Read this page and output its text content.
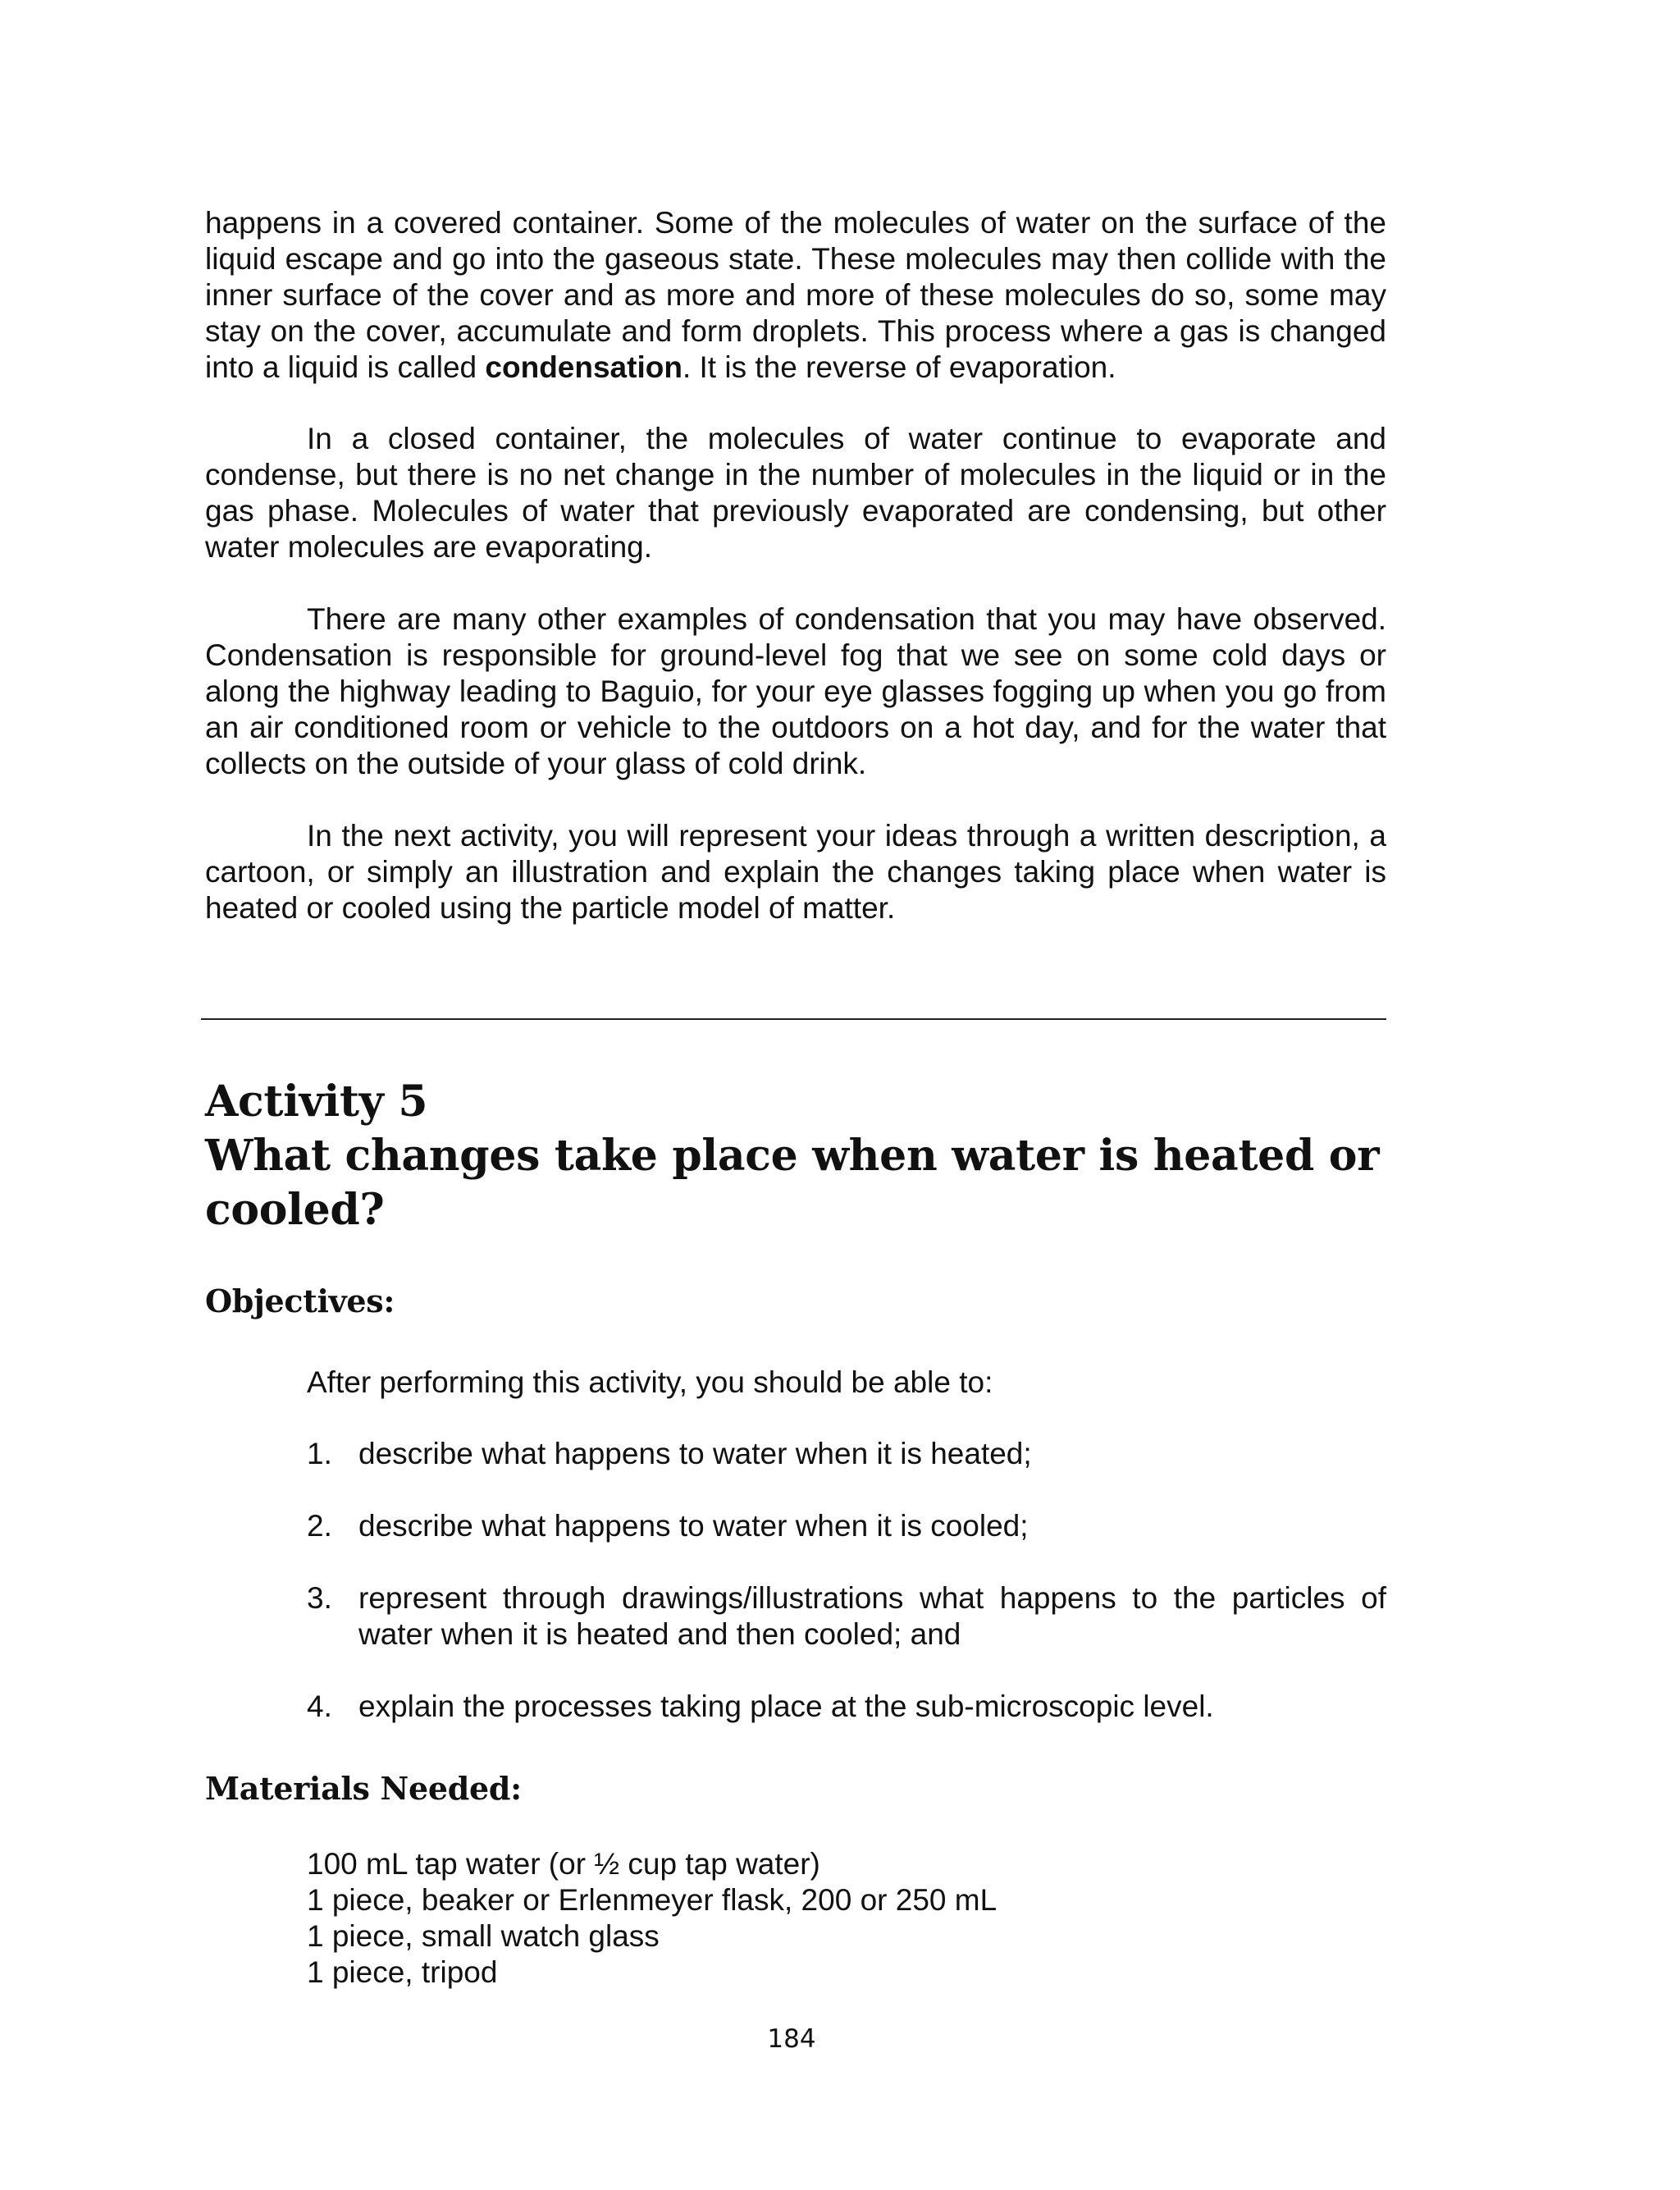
happens in a covered container. Some of the molecules of water on the surface of the liquid escape and go into the gaseous state. These molecules may then collide with the inner surface of the cover and as more and more of these molecules do so, some may stay on the cover, accumulate and form droplets. This process where a gas is changed into a liquid is called condensation. It is the reverse of evaporation.

In a closed container, the molecules of water continue to evaporate and condense, but there is no net change in the number of molecules in the liquid or in the gas phase. Molecules of water that previously evaporated are condensing, but other water molecules are evaporating.

There are many other examples of condensation that you may have observed. Condensation is responsible for ground-level fog that we see on some cold days or along the highway leading to Baguio, for your eye glasses fogging up when you go from an air conditioned room or vehicle to the outdoors on a hot day, and for the water that collects on the outside of your glass of cold drink.

In the next activity, you will represent your ideas through a written description, a cartoon, or simply an illustration and explain the changes taking place when water is heated or cooled using the particle model of matter.

Activity 5
What changes take place when water is heated or cooled?
Objectives:

After performing this activity, you should be able to:

1. describe what happens to water when it is heated;
2. describe what happens to water when it is cooled;
3. represent through drawings/illustrations what happens to the particles of water when it is heated and then cooled; and
4. explain the processes taking place at the sub-microscopic level.
Materials Needed:
100 mL tap water (or ½ cup tap water)
1 piece, beaker or Erlenmeyer flask, 200 or 250 mL
1 piece, small watch glass
1 piece, tripod
184
